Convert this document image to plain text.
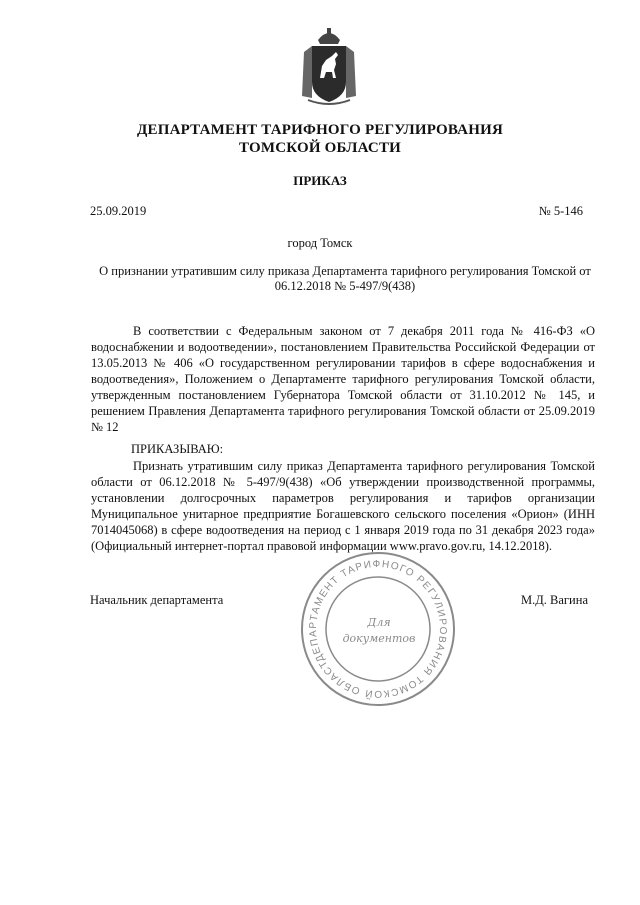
ДЕПАРТАМЕНТ ТАРИФНОГО РЕГУЛИРОВАНИЯ
ТОМСКОЙ ОБЛАСТИ
ПРИКАЗ
25.09.2019	№ 5-146
город Томск
О признании утратившим силу приказа Департамента тарифного регулирования Томской от 06.12.2018 № 5-497/9(438)
В соответствии с Федеральным законом от 7 декабря 2011 года № 416-ФЗ «О водоснабжении и водоотведении», постановлением Правительства Российской Федерации от 13.05.2013 № 406 «О государственном регулировании тарифов в сфере водоснабжения и водоотведения», Положением о Департаменте тарифного регулирования Томской области, утвержденным постановлением Губернатора Томской области от 31.10.2012 № 145, и решением Правления Департамента тарифного регулирования Томской области от 25.09.2019 № 12
ПРИКАЗЫВАЮ:
Признать утратившим силу приказ Департамента тарифного регулирования Томской области от 06.12.2018 № 5-497/9(438) «Об утверждении производственной программы, установлении долгосрочных параметров регулирования и тарифов организации Муниципальное унитарное предприятие Богашевского сельского поселения «Орион» (ИНН 7014045068) в сфере водоотведения на период с 1 января 2019 года по 31 декабря 2023 года» (Официальный интернет-портал правовой информации www.pravo.gov.ru, 14.12.2018).
Начальник департамента	М.Д. Вагина
ДЕПАРТАМЕНТ ТАРИФНОГО РЕГУЛИРОВАНИЯ ТОМСКОЙ ОБЛАСТИ
Для
документов
